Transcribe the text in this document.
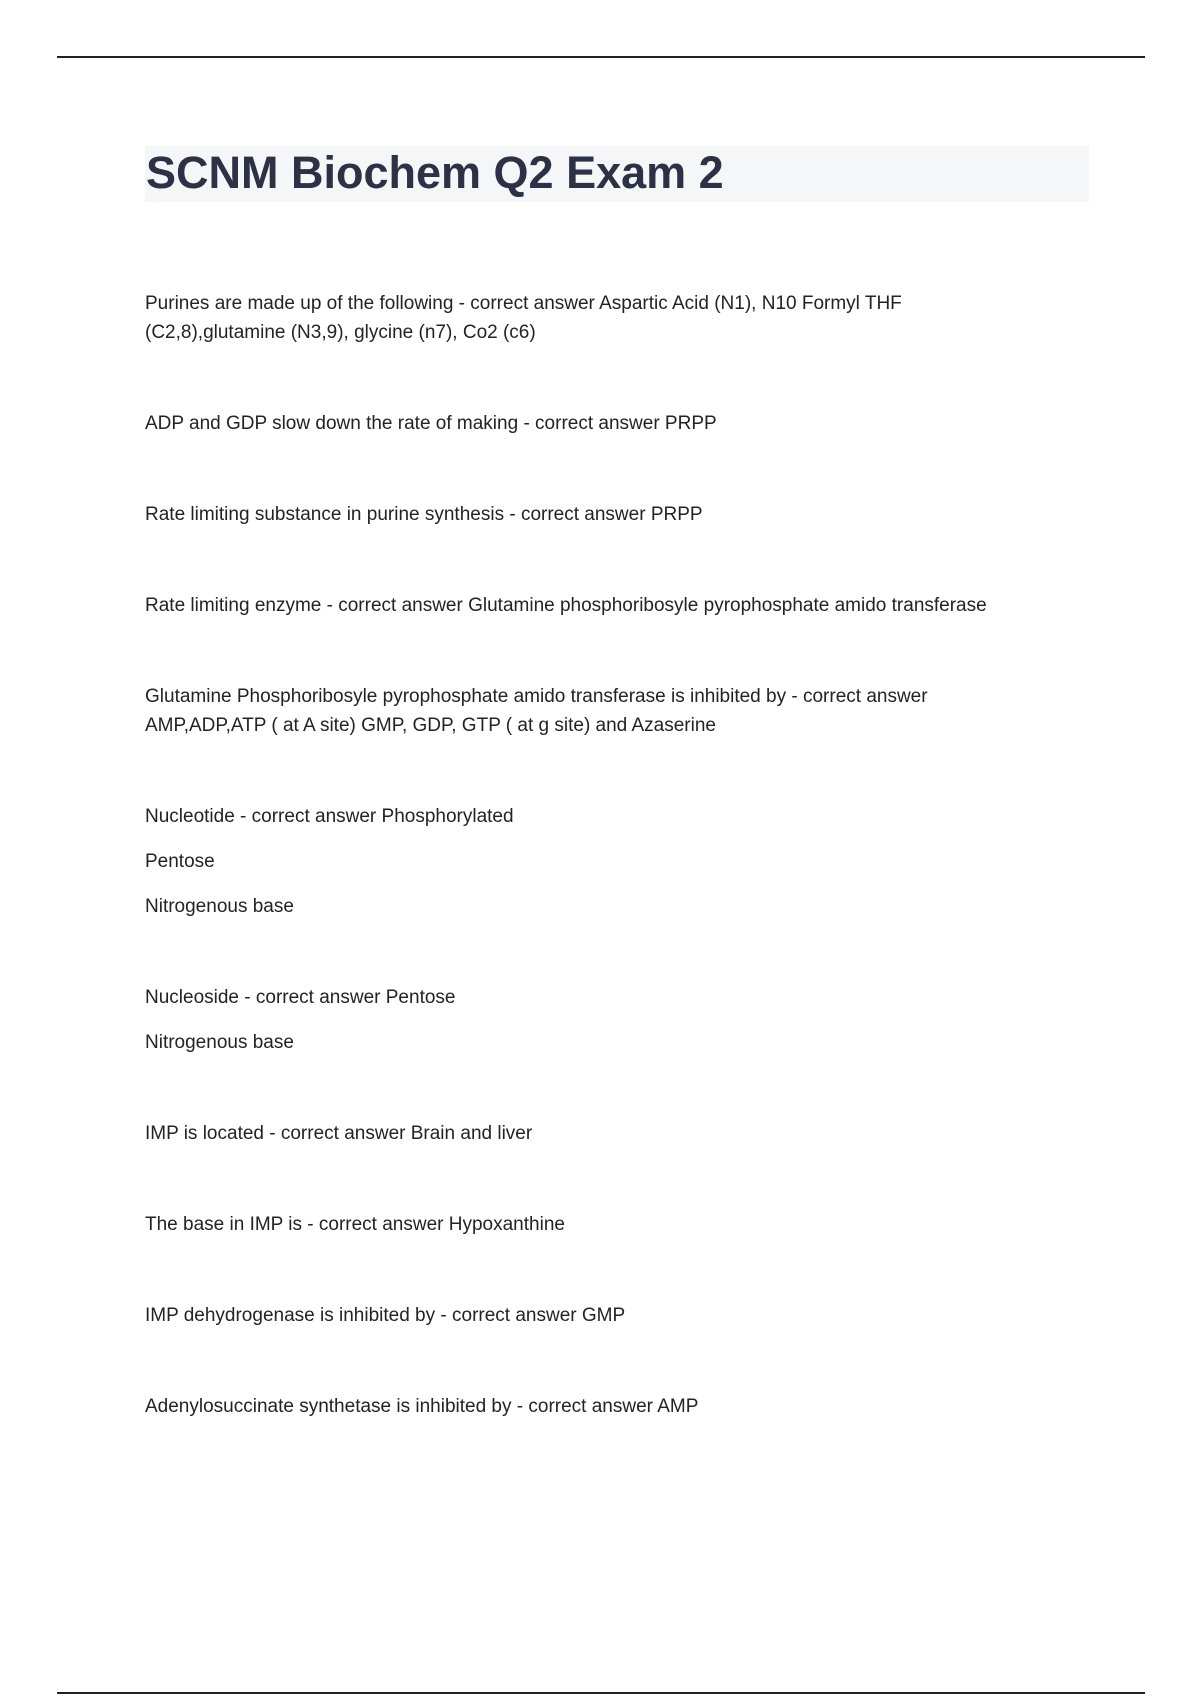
SCNM Biochem Q2 Exam 2

Purines are made up of the following - correct answer Aspartic Acid (N1), N10 Formyl THF
(C2,8),glutamine (N3,9), glycine (n7), Co2 (c6)

ADP and GDP slow down the rate of making - correct answer PRPP

Rate limiting substance in purine synthesis - correct answer PRPP

Rate limiting enzyme - correct answer Glutamine phosphoribosyle pyrophosphate amido transferase

Glutamine Phosphoribosyle pyrophosphate amido transferase is inhibited by - correct answer
AMP,ADP,ATP ( at A site) GMP, GDP, GTP ( at g site) and Azaserine

Nucleotide - correct answer Phosphorylated
Pentose
Nitrogenous base

Nucleoside - correct answer Pentose
Nitrogenous base

IMP is located - correct answer Brain and liver

The base in IMP is - correct answer Hypoxanthine

IMP dehydrogenase is inhibited by - correct answer GMP

Adenylosuccinate synthetase is inhibited by - correct answer AMP
